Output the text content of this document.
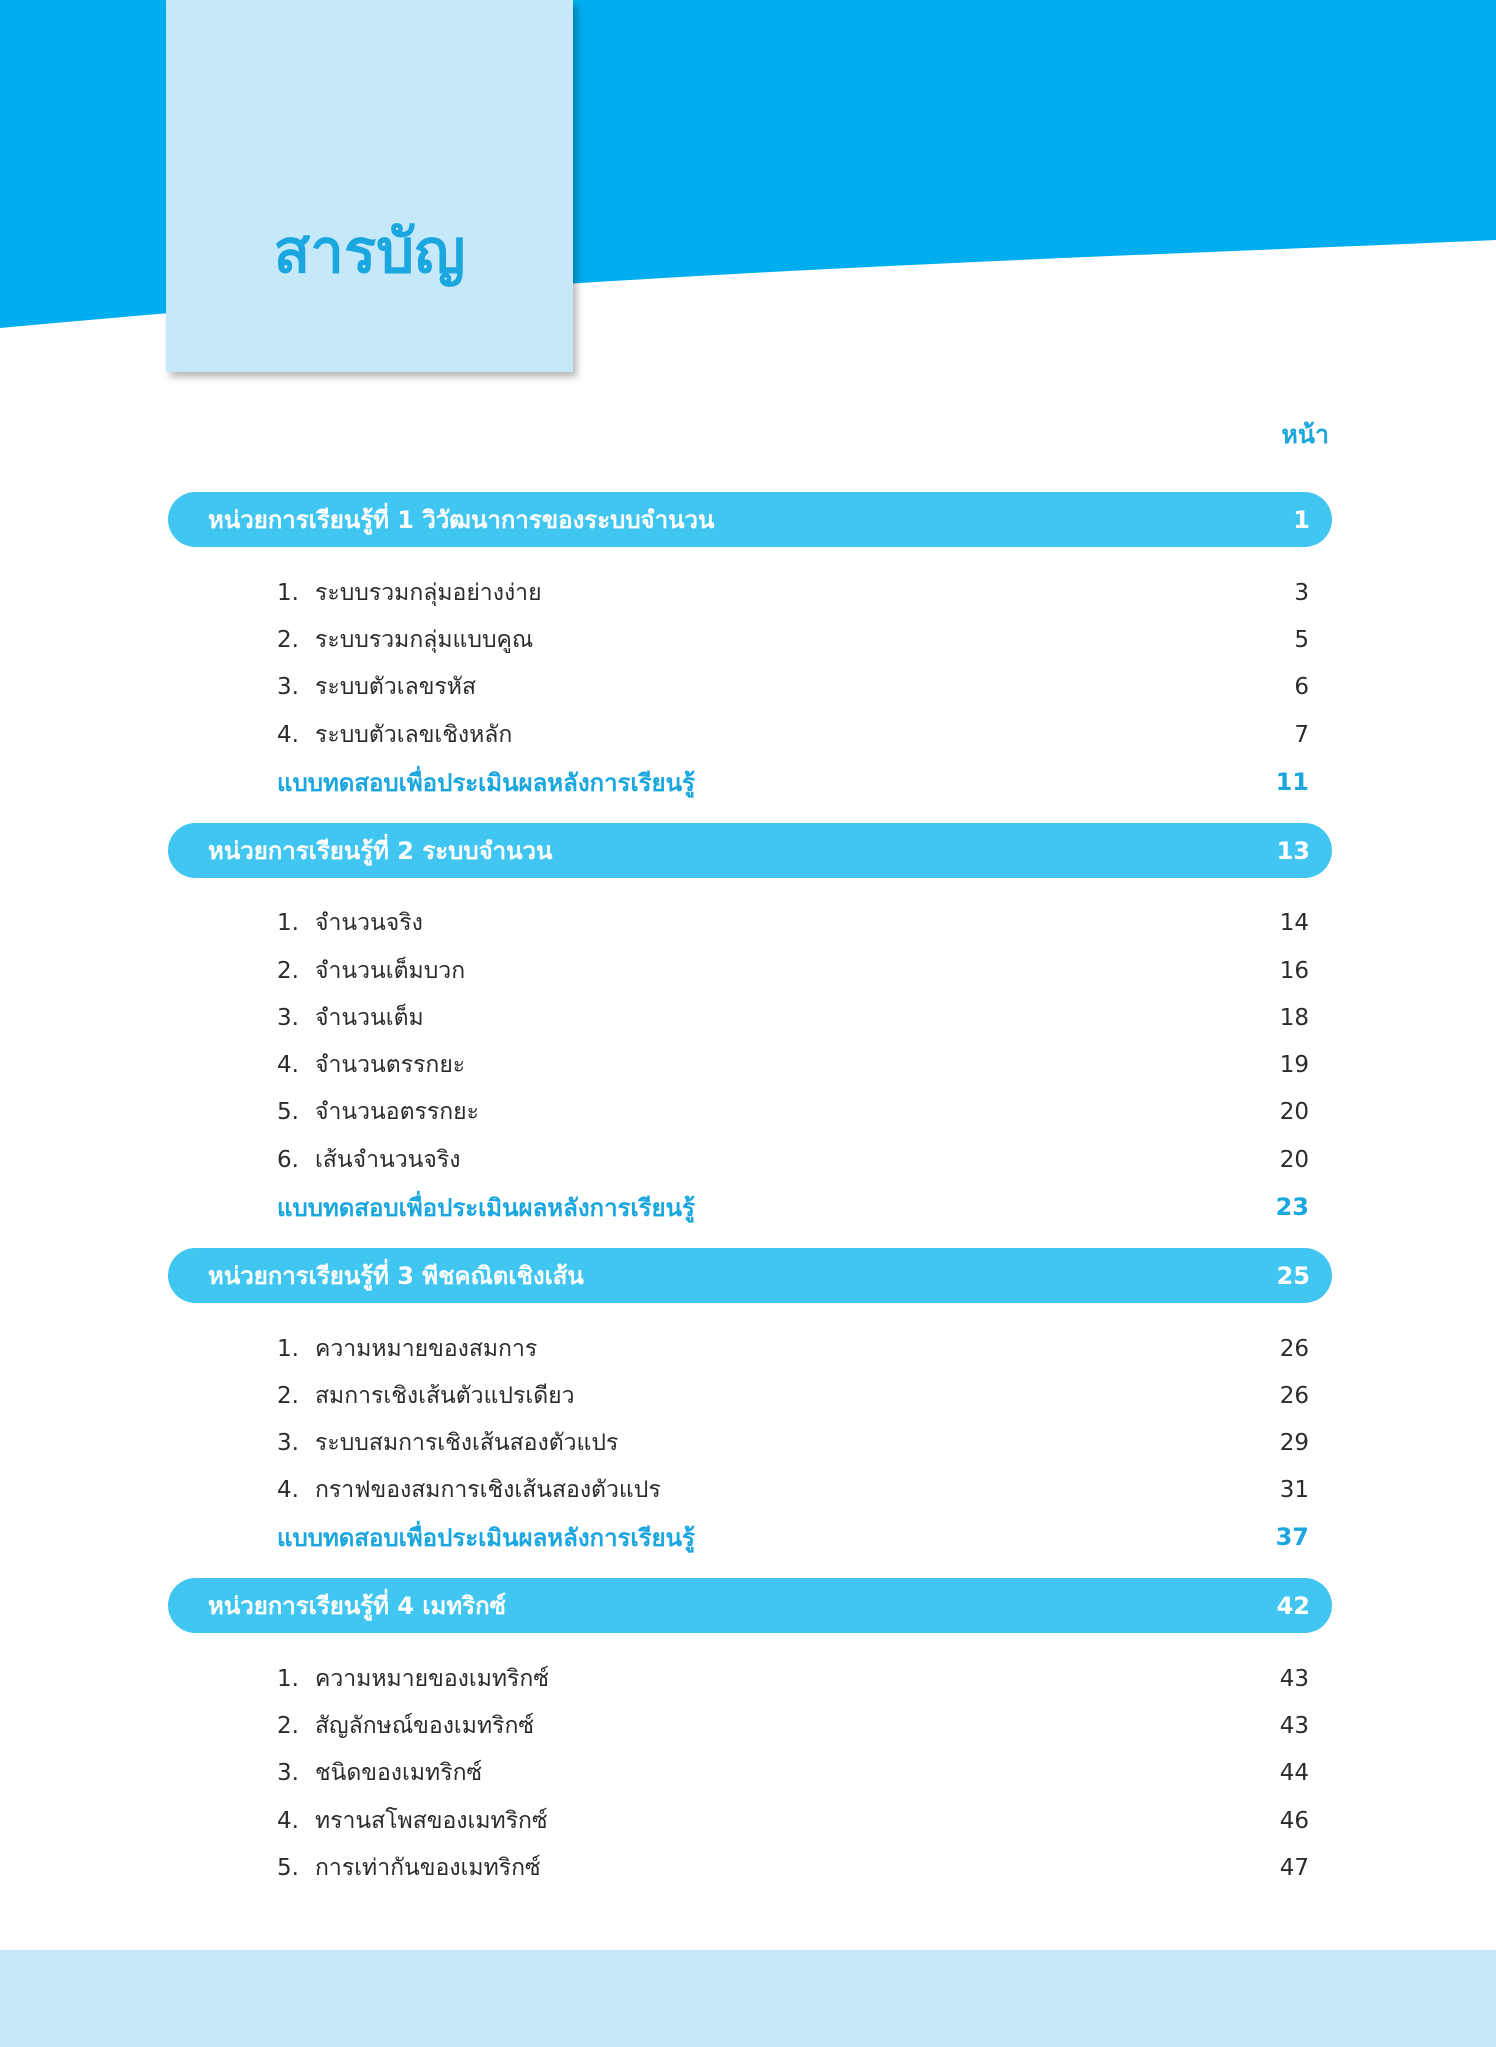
สารบัญ
หน้า
หน่วยการเรียนรู้ที่ 1 วิวัฒนาการของระบบจำนวน	1
1. ระบบรวมกลุ่มอย่างง่าย	3
2. ระบบรวมกลุ่มแบบคูณ	5
3. ระบบตัวเลขรหัส	6
4. ระบบตัวเลขเชิงหลัก	7
แบบทดสอบเพื่อประเมินผลหลังการเรียนรู้	11
หน่วยการเรียนรู้ที่ 2 ระบบจำนวน	13
1. จำนวนจริง	14
2. จำนวนเต็มบวก	16
3. จำนวนเต็ม	18
4. จำนวนตรรกยะ	19
5. จำนวนอตรรกยะ	20
6. เส้นจำนวนจริง	20
แบบทดสอบเพื่อประเมินผลหลังการเรียนรู้	23
หน่วยการเรียนรู้ที่ 3 พีชคณิตเชิงเส้น	25
1. ความหมายของสมการ	26
2. สมการเชิงเส้นตัวแปรเดียว	26
3. ระบบสมการเชิงเส้นสองตัวแปร	29
4. กราฟของสมการเชิงเส้นสองตัวแปร	31
แบบทดสอบเพื่อประเมินผลหลังการเรียนรู้	37
หน่วยการเรียนรู้ที่ 4 เมทริกซ์	42
1. ความหมายของเมทริกซ์	43
2. สัญลักษณ์ของเมทริกซ์	43
3. ชนิดของเมทริกซ์	44
4. ทรานสโพสของเมทริกซ์	46
5. การเท่ากันของเมทริกซ์	47
